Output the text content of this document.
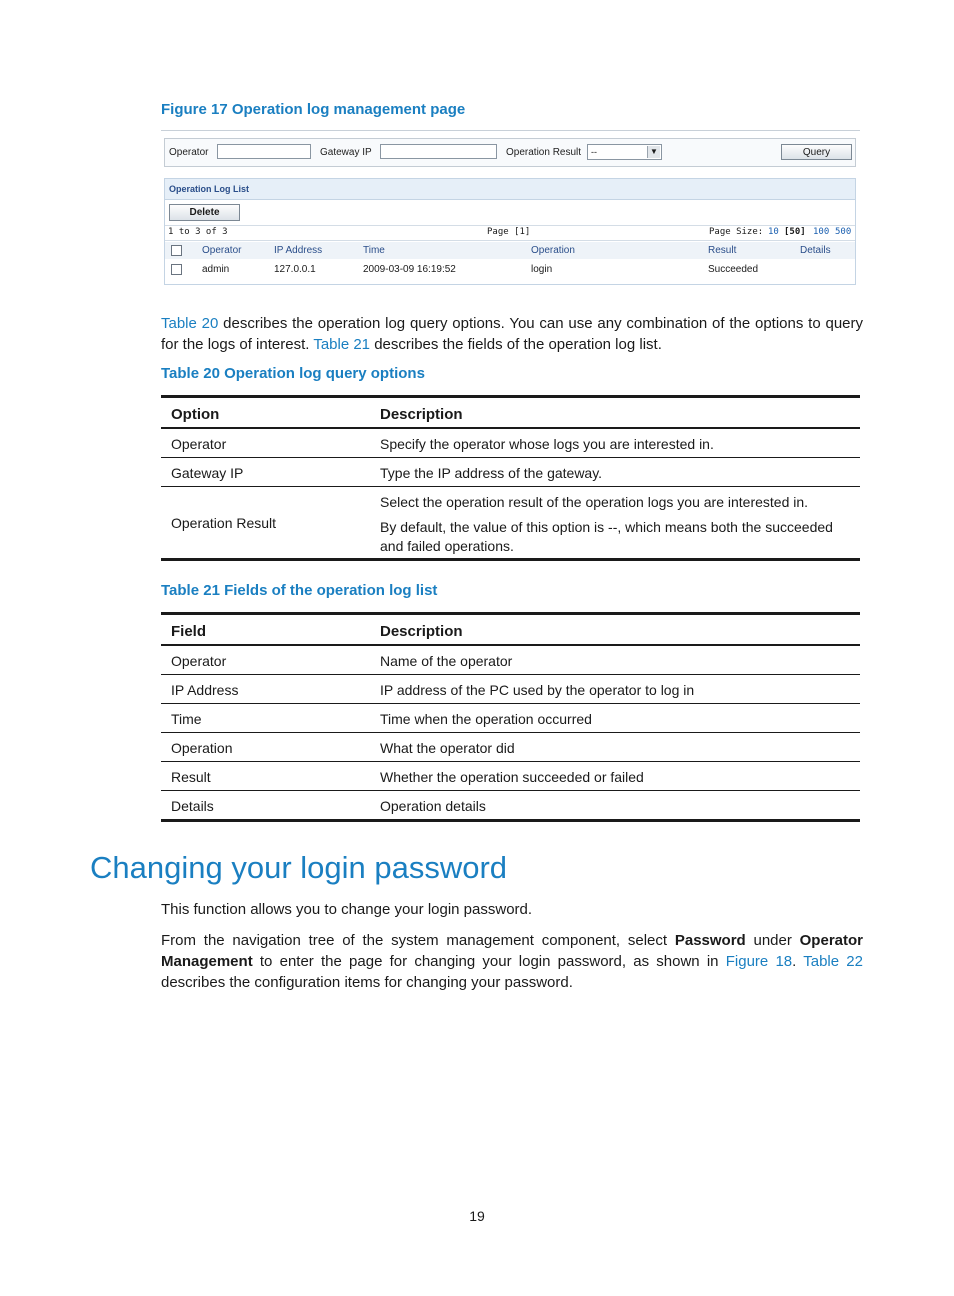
Figure 17 Operation log management page
Operator	Gateway IP	Operation Result	--	▼	Query
Operation Log List
Delete
1 to 3 of 3	Page [1]	Page Size: 10 [50] 100 500
Operator	IP Address	Time	Operation	Result	Details
admin	127.0.0.1	2009-03-09 16:19:52	login	Succeeded
Table 20 describes the operation log query options. You can use any combination of the options to query for the logs of interest. Table 21 describes the fields of the operation log list.
Table 20 Operation log query options
Option	Description
Operator	Specify the operator whose logs you are interested in.
Gateway IP	Type the IP address of the gateway.
Operation Result	Select the operation result of the operation logs you are interested in.

By default, the value of this option is --, which means both the succeeded and failed operations.

Table 21 Fields of the operation log list
Field	Description
Operator	Name of the operator
IP Address	IP address of the PC used by the operator to log in
Time	Time when the operation occurred
Operation	What the operator did
Result	Whether the operation succeeded or failed
Details	Operation details
Changing your login password
This function allows you to change your login password.
From the navigation tree of the system management component, select Password under Operator Management to enter the page for changing your login password, as shown in Figure 18. Table 22 describes the configuration items for changing your password.
19
